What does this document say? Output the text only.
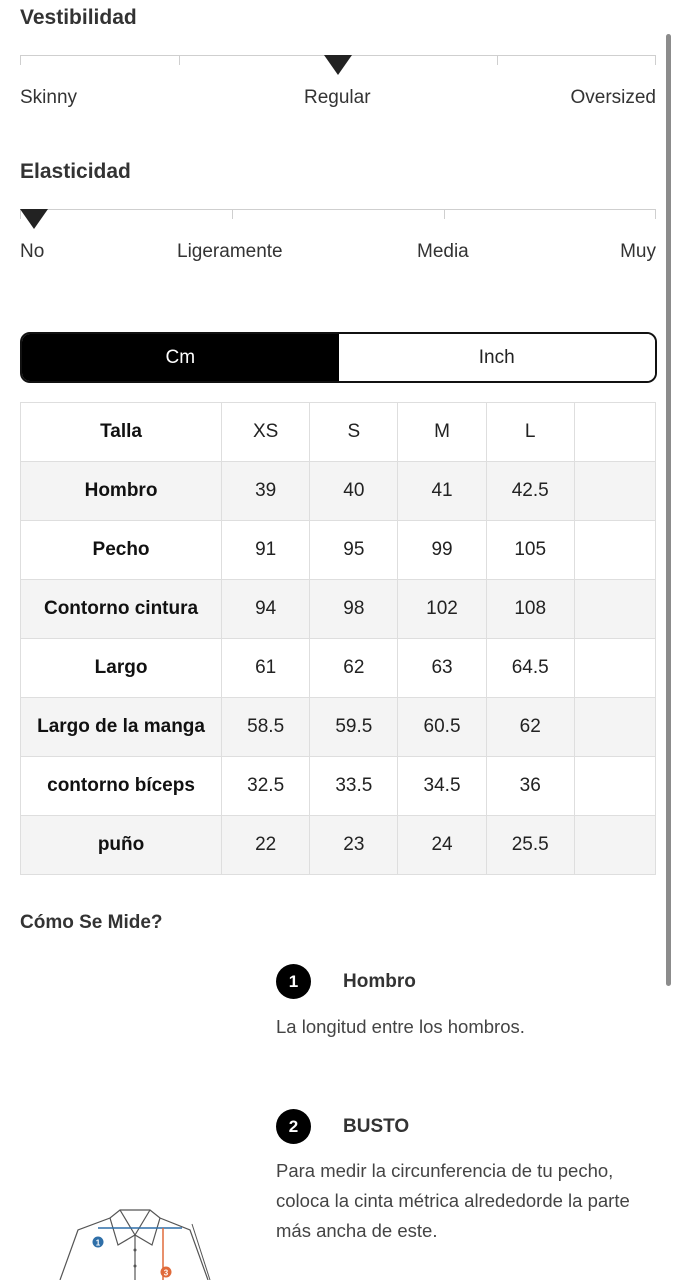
Vestibilidad
Skinny	Regular	Oversized
Elasticidad
No	Ligeramente	Media	Muy
Cm	Inch
Talla	XS	S	M	L	
Hombro	39	40	41	42.5	
Pecho	91	95	99	105	
Contorno cintura	94	98	102	108	
Largo	61	62	63	64.5	
Largo de la manga	58.5	59.5	60.5	62	
contorno bíceps	32.5	33.5	34.5	36	
puño	22	23	24	25.5	
Cómo Se Mide?
1	Hombro
La longitud entre los hombros.
2	BUSTO
Para medir la circunferencia de tu pecho, coloca la cinta métrica alrededorde la parte más ancha de este.
1
3
